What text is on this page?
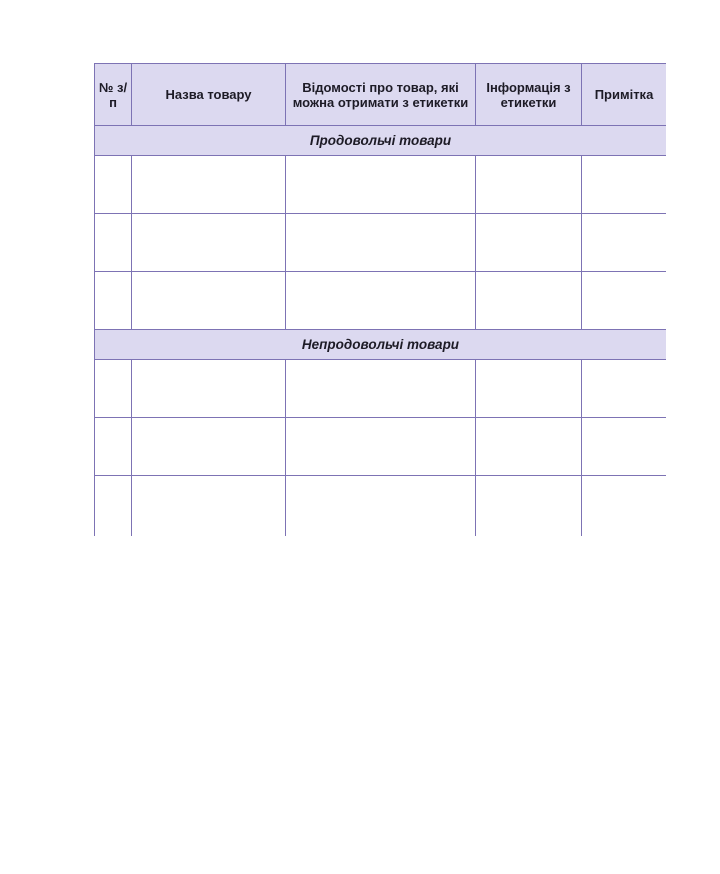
№ з/п	Назва товару	Відомості про товар, які можна отримати з етикетки	Інформація з етикетки	Примітка
Продовольчі товари				

Непродовольчі товари				
